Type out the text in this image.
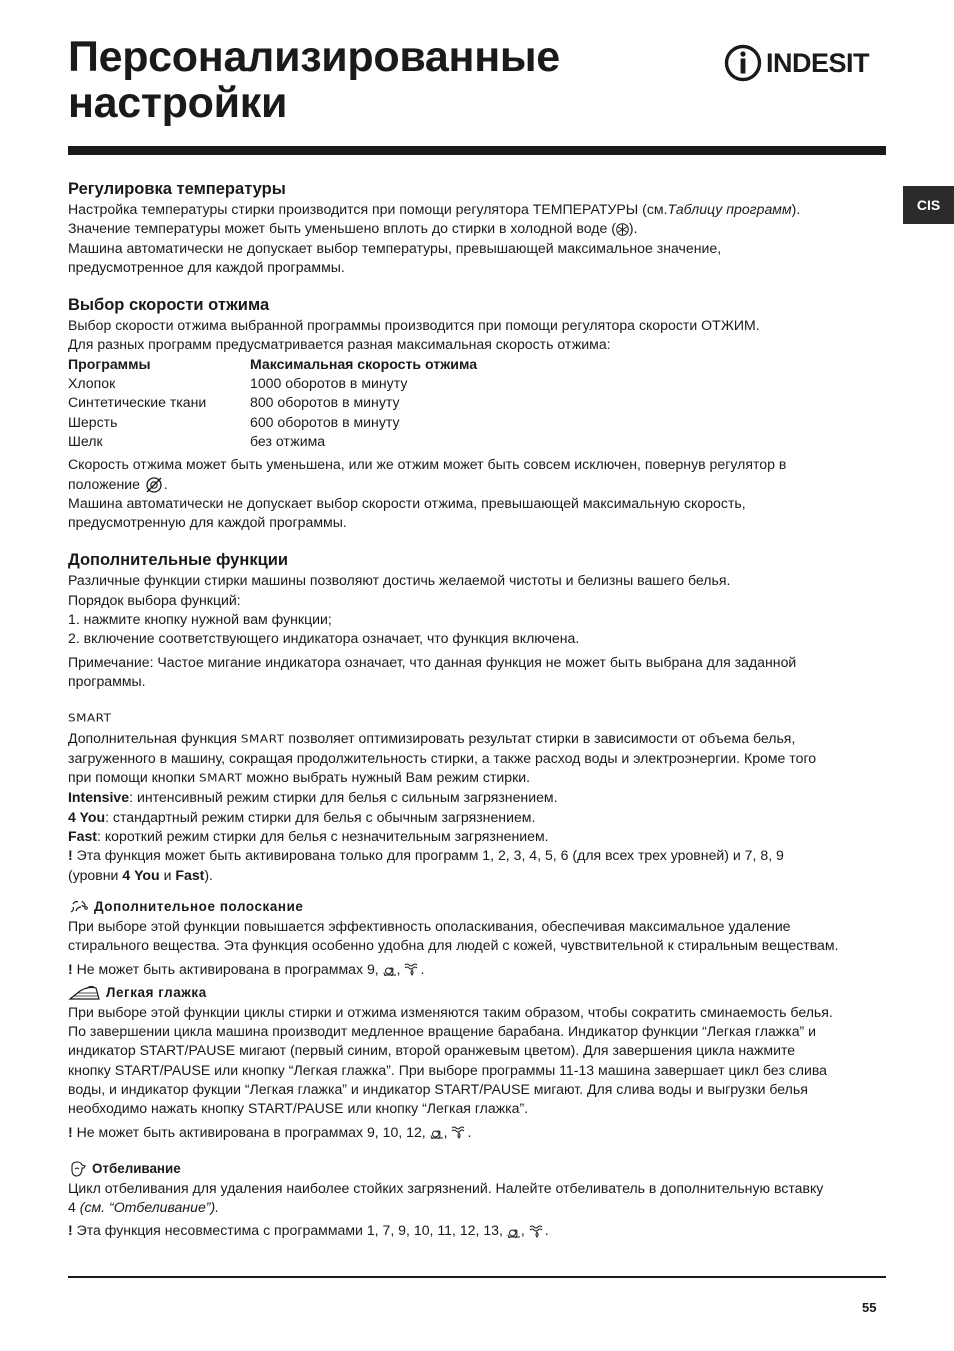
Персонализированные
настройки
INDESIT
CIS
Регулировка температуры
Настройка температуры стирки производится при помощи регулятора ТЕМПЕРАТУРЫ (см.Таблицу программ).
Значение температуры может быть уменьшено вплоть до стирки в холодной воде ( ).
Машина автоматически не допускает выбор температуры, превышающей максимальное значение,
предусмотренное для каждой программы.
Выбор скорости отжима
Выбор скорости отжима выбранной программы производится при помощи регулятора скорости ОТЖИМ.
Для разных программ предусматривается разная максимальная скорость отжима:
Программы	Максимальная скорость отжима
Хлопок	1000 оборотов в минуту
Синтетические ткани	800 оборотов в минуту
Шерсть	600 оборотов в минуту
Шелк	без отжима
Скорость отжима может быть уменьшена, или же отжим может быть совсем исключен, повернув регулятор в
положение .
Машина автоматически не допускает выбор скорости отжима, превышающей максимальную скорость,
предусмотренную для каждой программы.
Дополнительные функции
Различные функции стирки машины позволяют достичь желаемой чистоты и белизны вашего белья.
Порядок выбора функций:
1. нажмите кнопку нужной вам функции;
2. включение соответствующего индикатора означает, что функция включена.
Примечание: Частое мигание индикатора означает, что данная функция не может быть выбрана для заданной
программы.
SMART
Дополнительная функция SMART позволяет оптимизировать результат стирки в зависимости от объема белья,
загруженного в машину, сокращая продолжительность стирки, а также расход воды и электроэнергии. Кроме того
при помощи кнопки SMART можно выбрать нужный Вам режим стирки.
Intensive: интенсивный режим стирки для белья с сильным загрязнением.
4 You: стандартный режим стирки для белья с обычным загрязнением.
Fast: короткий режим стирки для белья с незначительным загрязнением.
! Эта функция может быть активирована только для программ 1, 2, 3, 4, 5, 6 (для всех трех уровней) и 7, 8, 9
(уровни 4 You и Fast).
Дополнительное полоскание
При выборе этой функции повышается эффективность ополаскивания, обеспечивая максимальное удаление
стирального вещества. Эта функция особенно удобна для людей с кожей, чувствительной к стиральным веществам.
! Не может быть активирована в программах 9, , .
Легкая глажка
При выборе этой функции циклы стирки и отжима изменяются таким образом, чтобы сократить сминаемость белья.
По завершении цикла машина производит медленное вращение барабана. Индикатор функции “Легкая глажка” и
индикатор START/PAUSE мигают (первый синим, второй оранжевым цветом). Для завершения цикла нажмите
кнопку START/PAUSE или кнопку “Легкая глажка”. При выборе программы 11-13 машина завершает цикл без слива
воды, и индикатор фукции “Легкая глажка” и индикатор START/PAUSE мигают. Для слива воды и выгрузки белья
необходимо нажать кнопку START/PAUSE или кнопку “Легкая глажка”.
! Не может быть активирована в программах 9, 10, 12, , .
Отбеливание
Цикл отбеливания для удаления наиболее стойких загрязнений. Налейте отбеливатель в дополнительную вставку
4 (см. “Отбеливание”).
! Эта функция несовместима с программами 1, 7, 9, 10, 11, 12, 13, , .
55
